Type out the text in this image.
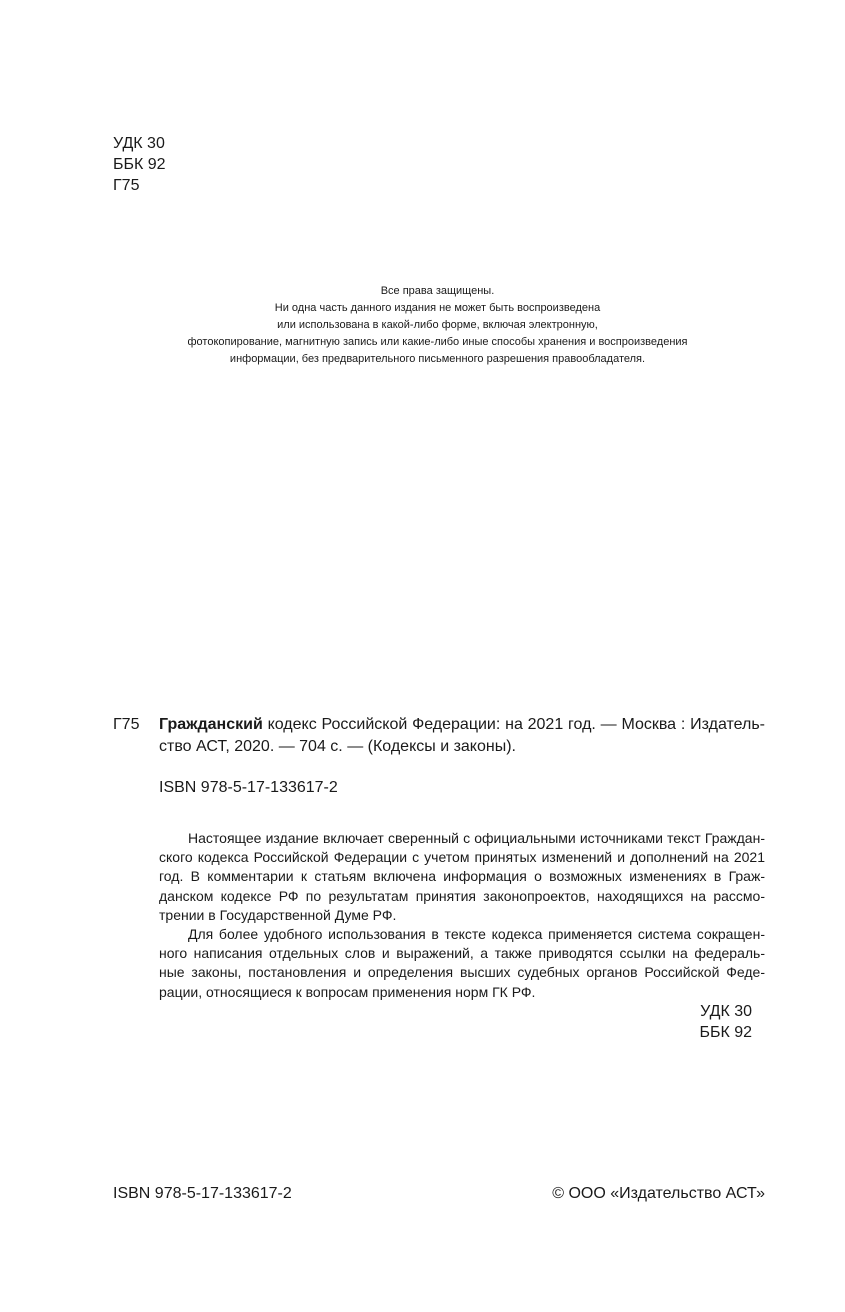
УДК 30
ББК 92
Г75
Все права защищены.
Ни одна часть данного издания не может быть воспроизведена
или использована в какой-либо форме, включая электронную,
фотокопирование, магнитную запись или какие-либо иные способы хранения и воспроизведения
информации, без предварительного письменного разрешения правообладателя.
Г75 Гражданский кодекс Российской Федерации: на 2021 год. — Москва : Издатель-
ство АСТ, 2020. — 704 с. — (Кодексы и законы).
ISBN 978-5-17-133617-2
Настоящее издание включает сверенный с официальными источниками текст Граждан-
ского кодекса Российской Федерации с учетом принятых изменений и дополнений на 2021
год. В комментарии к статьям включена информация о возможных изменениях в Граж-
данском кодексе РФ по результатам принятия законопроектов, находящихся на рассмо-
трении в Государственной Думе РФ.
Для более удобного использования в тексте кодекса применяется система сокращен-
ного написания отдельных слов и выражений, а также приводятся ссылки на федераль-
ные законы, постановления и определения высших судебных органов Российской Феде-
рации, относящиеся к вопросам применения норм ГК РФ.
УДК 30
ББК 92
ISBN 978-5-17-133617-2	© ООО «Издательство АСТ»
